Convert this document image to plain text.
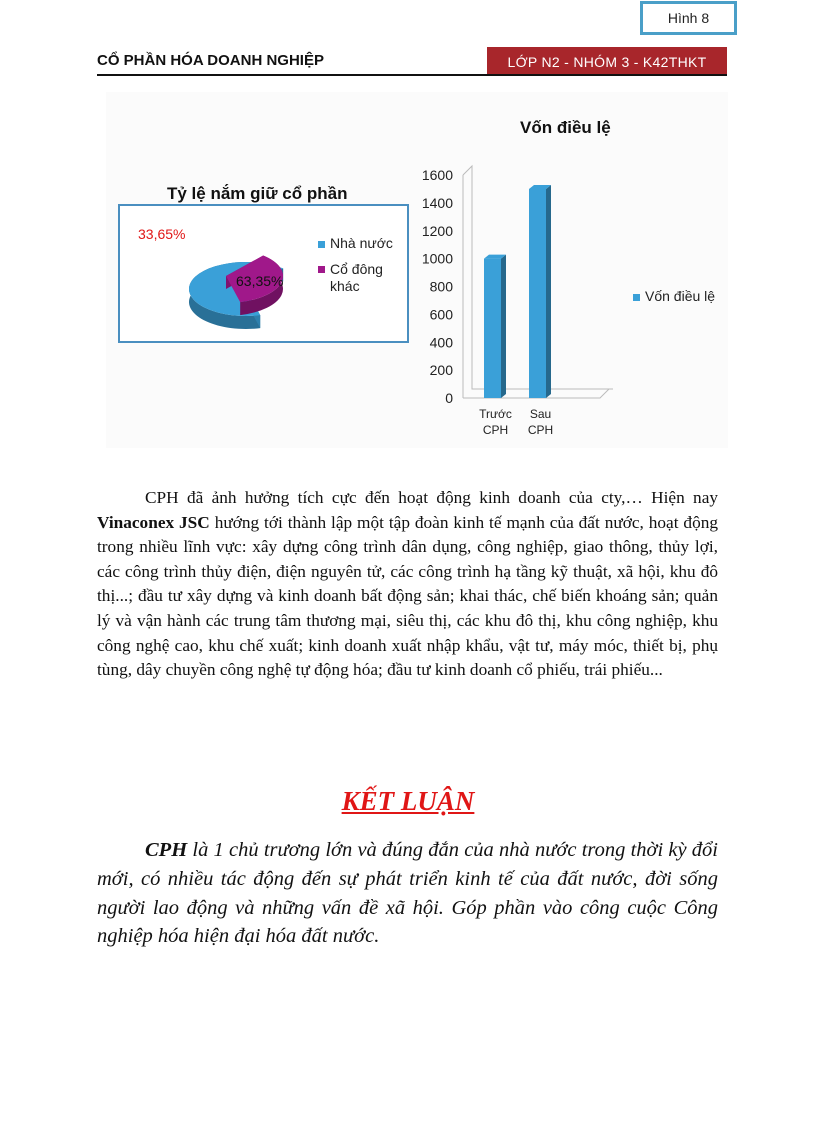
Hình 8
CỔ PHẦN HÓA DOANH NGHIỆP	LỚP N2 - NHÓM 3 - K42THKT
Tỷ lệ nắm giữ cổ phần
33,65%
63,35%
Nhà nước
Cổ đông khác
Vốn điều lệ
0
200
400
600
800
1000
1200
1400
1600
Trước
CPH
Sau
CPH
Vốn điều lệ

CPH đã ảnh hưởng tích cực đến hoạt động kinh doanh của cty,… Hiện nay Vinaconex JSC hướng tới thành lập một tập đoàn kinh tế mạnh của đất nước, hoạt động trong nhiều lĩnh vực: xây dựng công trình dân dụng, công nghiệp, giao thông, thủy lợi, các công trình thủy điện, điện nguyên tử, các công trình hạ tầng kỹ thuật, xã hội, khu đô thị...; đầu tư xây dựng và kinh doanh bất động sản; khai thác, chế biến khoáng sản; quản lý và vận hành các trung tâm thương mại, siêu thị, các khu đô thị, khu công nghiệp, khu công nghệ cao, khu chế xuất; kinh doanh xuất nhập khẩu, vật tư, máy móc, thiết bị, phụ tùng, dây chuyền công nghệ tự động hóa; đầu tư kinh doanh cổ phiếu, trái phiếu...

KẾT LUẬN

CPH là 1 chủ trương lớn và đúng đắn của nhà nước trong thời kỳ đổi mới, có nhiều tác động đến sự phát triển kinh tế của đất nước, đời sống người lao động và những vấn đề xã hội. Góp phần vào công cuộc Công nghiệp hóa hiện đại hóa đất nước.
